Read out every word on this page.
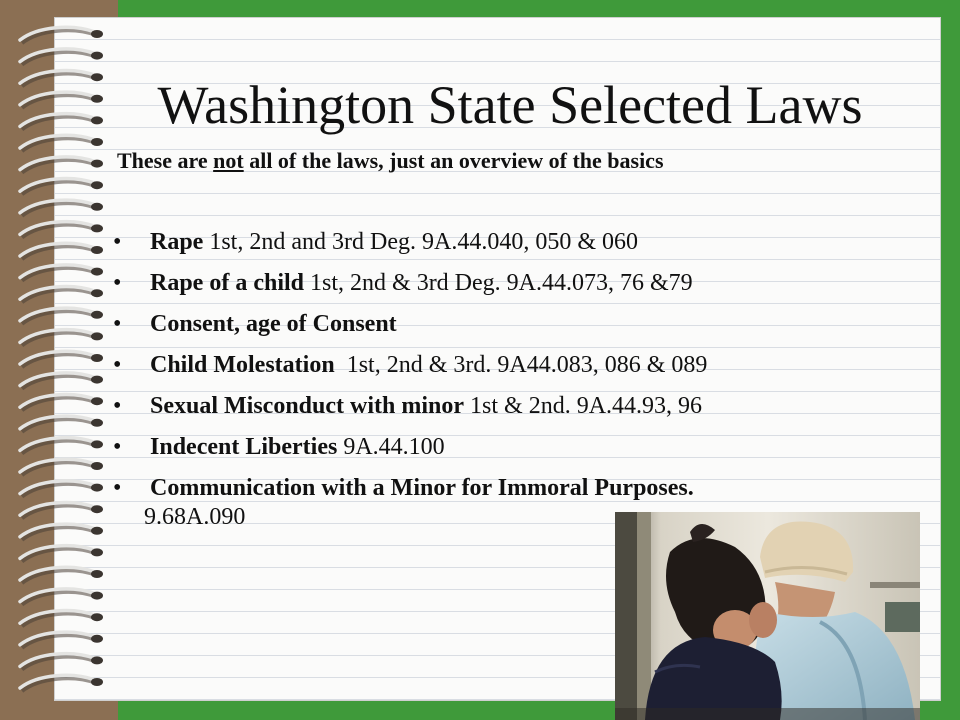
Washington State Selected Laws
These are not all of the laws, just an overview of the basics
• Rape 1st, 2nd and 3rd Deg. 9A.44.040, 050 & 060
• Rape of a child 1st, 2nd & 3rd Deg. 9A.44.073, 76 &79
• Consent, age of Consent
• Child Molestation  1st, 2nd & 3rd. 9A44.083, 086 & 089
• Sexual Misconduct with minor 1st & 2nd. 9A.44.93, 96
• Indecent Liberties 9A.44.100
• Communication with a Minor for Immoral Purposes.
9.68A.090
